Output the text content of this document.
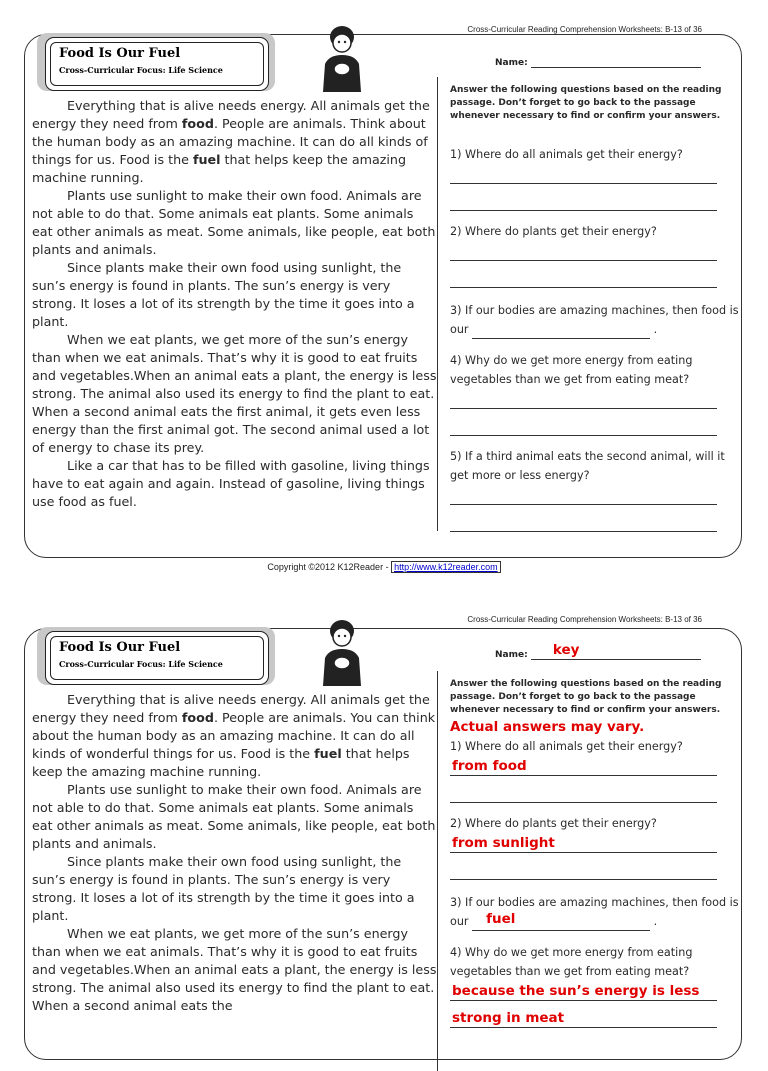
Cross-Curricular Reading Comprehension Worksheets: B-13 of 36
Food Is Our Fuel
Cross-Curricular Focus: Life Science

Everything that is alive needs energy. All animals get the energy they need from food. People are animals. Think about the human body as an amazing machine. It can do all kinds of things for us. Food is the fuel that helps keep the amazing machine running.

Plants use sunlight to make their own food. Animals are not able to do that. Some animals eat plants. Some animals eat other animals as meat. Some animals, like people, eat both plants and animals.

Since plants make their own food using sunlight, the sun’s energy is found in plants. The sun’s energy is very strong. It loses a lot of its strength by the time it goes into a plant.

When we eat plants, we get more of the sun’s energy than when we eat animals. That’s why it is good to eat fruits and vegetables.When an animal eats a plant, the energy is less strong. The animal also used its energy to find the plant to eat. When a second animal eats the first animal, it gets even less energy than the first animal got. The second animal used a lot of energy to chase its prey.

Like a car that has to be filled with gasoline, living things have to eat again and again. Instead of gasoline, living things use food as fuel.

Name:

Answer the following questions based on the reading passage. Don’t forget to go back to the passage whenever necessary to find or confirm your answers.

1) Where do all animals get their energy?

2) Where do plants get their energy?

3) If our bodies are amazing machines, then food is our	.

4) Why do we get more energy from eating vegetables than we get from eating meat?

5) If a third animal eats the second animal, will it get more or less energy?

Copyright ©2012 K12Reader - http://www.k12reader.com
Cross-Curricular Reading Comprehension Worksheets: B-13 of 36
Food Is Our Fuel
Cross-Curricular Focus: Life Science

Everything that is alive needs energy. All animals get the energy they need from food. People are animals. You can think about the human body as an amazing machine. It can do all kinds of wonderful things for us. Food is the fuel that helps keep the amazing machine running.

Plants use sunlight to make their own food. Animals are not able to do that. Some animals eat plants. Some animals eat other animals as meat. Some animals, like people, eat both plants and animals.

Since plants make their own food using sunlight, the sun’s energy is found in plants. The sun’s energy is very strong. It loses a lot of its strength by the time it goes into a plant.

When we eat plants, we get more of the sun’s energy than when we eat animals. That’s why it is good to eat fruits and vegetables.When an animal eats a plant, the energy is less strong. The animal also used its energy to find the plant to eat. When a second animal eats the

Name: key

Answer the following questions based on the reading passage. Don’t forget to go back to the passage whenever necessary to find or confirm your answers.

Actual answers may vary.

1) Where do all animals get their energy?

from food

2) Where do plants get their energy?

from sunlight

3) If our bodies are amazing machines, then food is our fuel	.

4) Why do we get more energy from eating vegetables than we get from eating meat?

because the sun’s energy is less
strong in meat
